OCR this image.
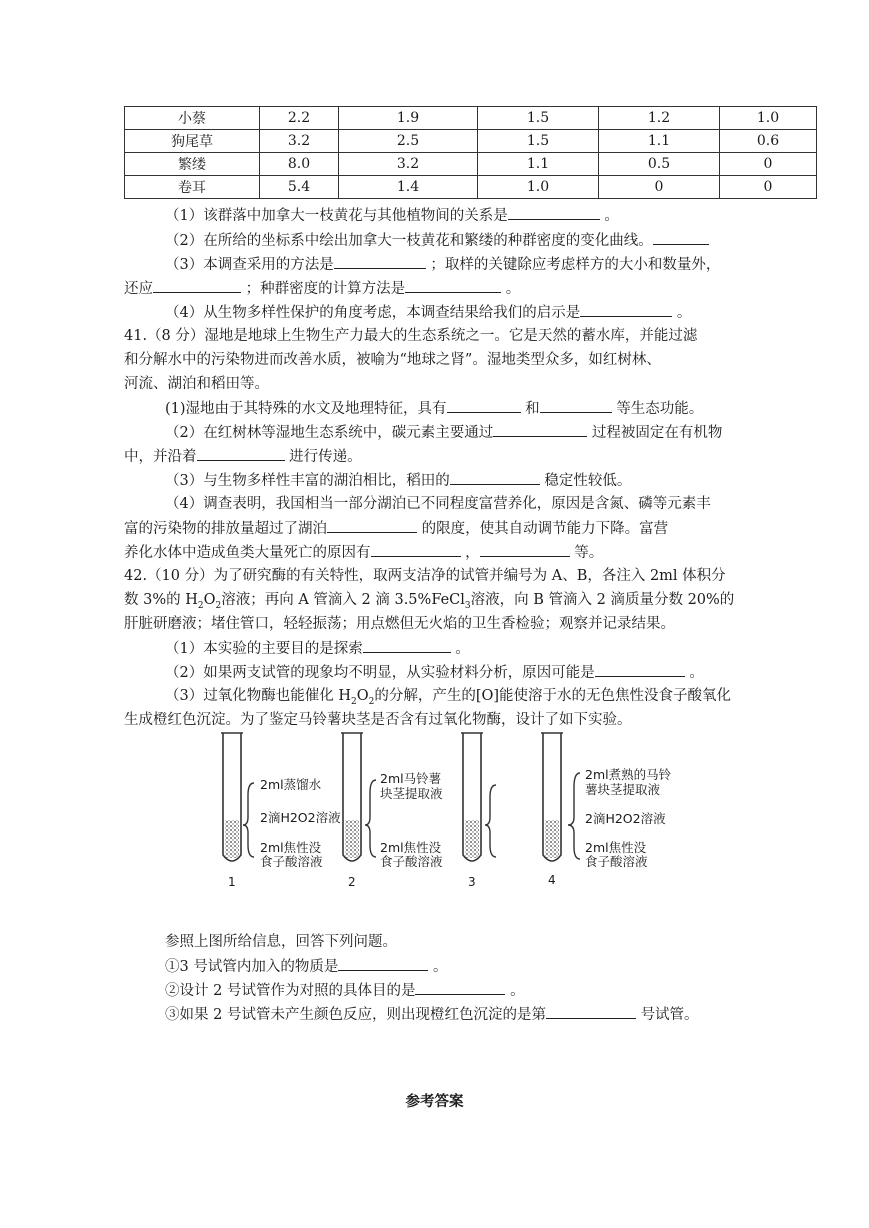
小蔡	2.2	1.9	1.5	1.2	1.0
狗尾草	3.2	2.5	1.5	1.1	0.6
繁缕	8.0	3.2	1.1	0.5	0
卷耳	5.4	1.4	1.0	0	0
（1）该群落中加拿大一枝黄花与其他植物间的关系是	。
（2）在所给的坐标系中绘出加拿大一枝黄花和繁缕的种群密度的变化曲线。
（3）本调查采用的方法是	；取样的关键除应考虑样方的大小和数量外，
还应	；种群密度的计算方法是	。
（4）从生物多样性保护的角度考虑，本调查结果给我们的启示是	。
41.（8 分）湿地是地球上生物生产力最大的生态系统之一。它是天然的蓄水库，并能过滤
和分解水中的污染物进而改善水质，被喻为“地球之肾”。湿地类型众多，如红树林、
河流、湖泊和稻田等。
(1)湿地由于其特殊的水文及地理特征，具有	和	等生态功能。
（2）在红树林等湿地生态系统中，碳元素主要通过	过程被固定在有机物
中，并沿着	进行传递。
（3）与生物多样性丰富的湖泊相比，稻田的	稳定性较低。
（4）调查表明，我国相当一部分湖泊已不同程度富营养化，原因是含氮、磷等元素丰
富的污染物的排放量超过了湖泊	的限度，使其自动调节能力下降。富营
养化水体中造成鱼类大量死亡的原因有	，	等。
42.（10 分）为了研究酶的有关特性，取两支洁净的试管并编号为 A、B，各注入 2ml 体积分
数 3%的 $H_2O_2$溶液；再向 A 管滴入 2 滴 3.5%FeCl$_3$溶液，向 B 管滴入 2 滴质量分数 20%的
肝脏研磨液；堵住管口，轻轻振荡；用点燃但无火焰的卫生香检验；观察并记录结果。
（1）本实验的主要目的是探索	。
（2）如果两支试管的现象均不明显，从实验材料分析，原因可能是	。
（3）过氧化物酶也能催化 $H_2O_2$的分解，产生的[O]能使溶于水的无色焦性没食子酸氧化
生成橙红色沉淀。为了鉴定马铃薯块茎是否含有过氧化物酶，设计了如下实验。
2ml蒸馏水
2滴H2O2溶液
2ml焦性没
食子酸溶液
2ml马铃薯
块茎提取液
2ml焦性没
食子酸溶液
2ml煮熟的马铃
薯块茎提取液
2滴H2O2溶液
2ml焦性没
食子酸溶液
1	2	3	4
参照上图所给信息，回答下列问题。
①3 号试管内加入的物质是	。
②设计 2 号试管作为对照的具体目的是	。
③如果 2 号试管未产生颜色反应，则出现橙红色沉淀的是第	号试管。
参考答案
